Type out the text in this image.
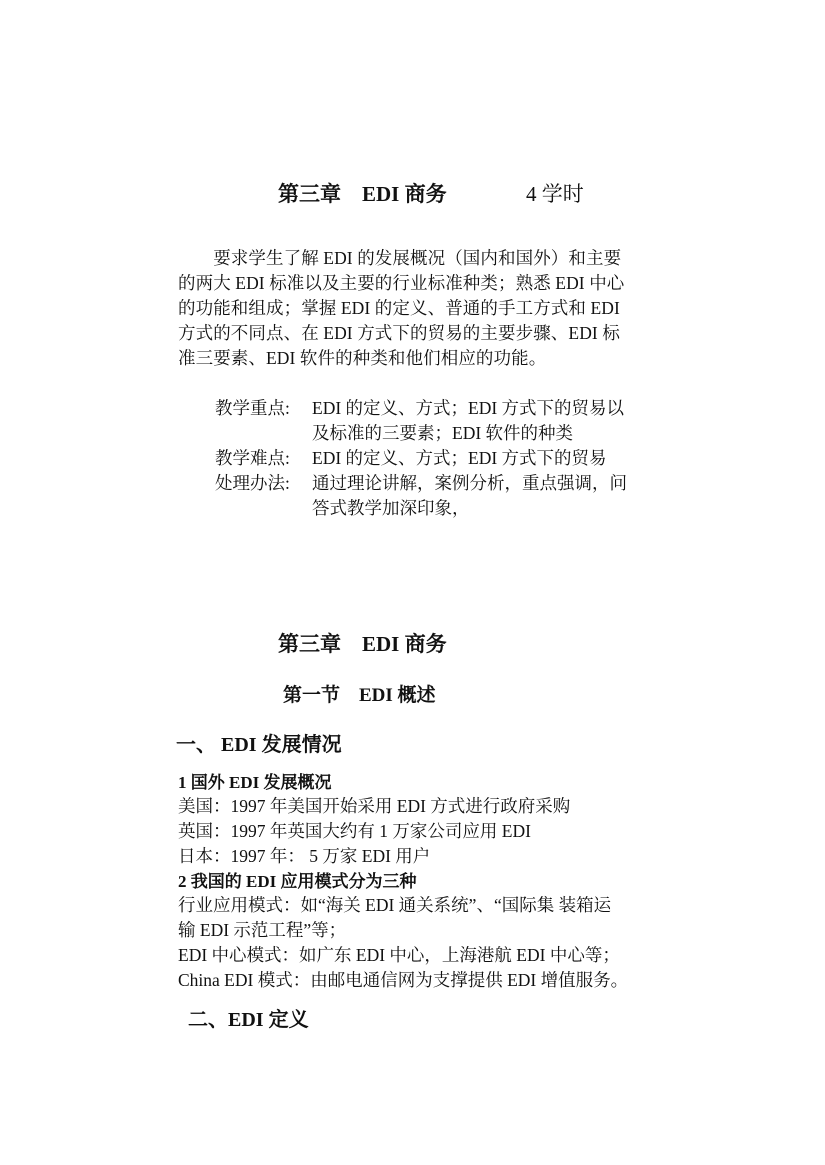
第三章　EDI 商务	4 学时
　　要求学生了解 EDI 的发展概况（国内和国外）和主要
的两大 EDI 标准以及主要的行业标准种类；熟悉 EDI 中心
的功能和组成；掌握 EDI 的定义、普通的手工方式和 EDI
方式的不同点、在 EDI 方式下的贸易的主要步骤、EDI 标
准三要素、EDI 软件的种类和他们相应的功能。
教学重点: EDI 的定义、方式；EDI 方式下的贸易以
及标准的三要素；EDI 软件的种类
教学难点: EDI 的定义、方式；EDI 方式下的贸易
处理办法: 通过理论讲解，案例分析，重点强调，问
答式教学加深印象，
第三章　EDI 商务
第一节　EDI 概述
一、 EDI 发展情况
1 国外 EDI 发展概况
美国：1997 年美国开始采用 EDI 方式进行政府采购
英国：1997 年英国大约有 1 万家公司应用 EDI
日本：1997 年： 5 万家 EDI 用户
2 我国的 EDI 应用模式分为三种
行业应用模式：如“海关 EDI 通关系统”、“国际集 装箱运
输 EDI 示范工程”等；
EDI 中心模式：如广东 EDI 中心，上海港航 EDI 中心等；
China EDI 模式：由邮电通信网为支撑提供 EDI 增值服务。
二、EDI 定义
